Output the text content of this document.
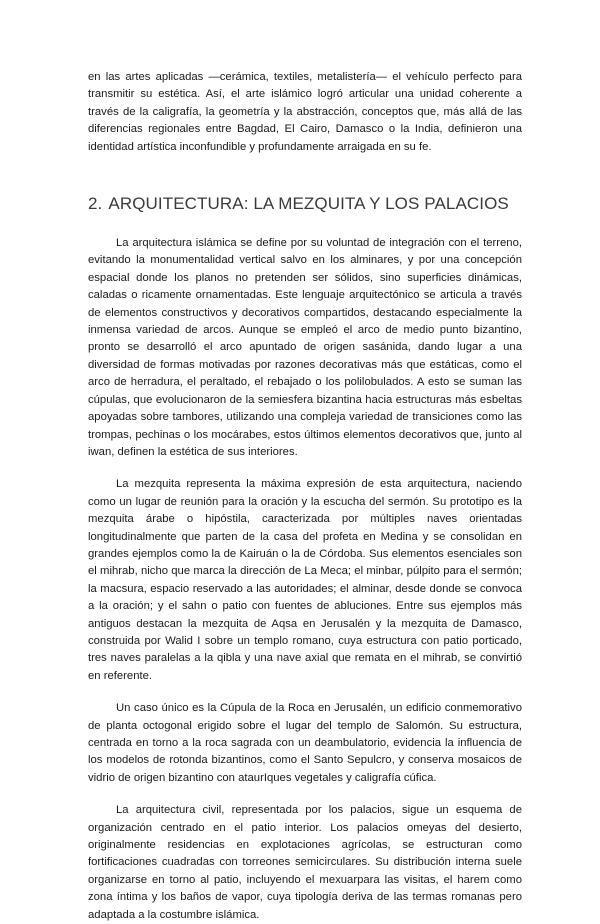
en las artes aplicadas —cerámica, textiles, metalistería— el vehículo perfecto para transmitir su estética. Así, el arte islámico logró articular una unidad coherente a través de la caligrafía, la geometría y la abstracción, conceptos que, más allá de las diferencias regionales entre Bagdad, El Cairo, Damasco o la India, definieron una identidad artística inconfundible y profundamente arraigada en su fe.

2. ARQUITECTURA: LA MEZQUITA Y LOS PALACIOS

La arquitectura islámica se define por su voluntad de integración con el terreno, evitando la monumentalidad vertical salvo en los alminares, y por una concepción espacial donde los planos no pretenden ser sólidos, sino superficies dinámicas, caladas o ricamente ornamentadas. Este lenguaje arquitectónico se articula a través de elementos constructivos y decorativos compartidos, destacando especialmente la inmensa variedad de arcos. Aunque se empleó el arco de medio punto bizantino, pronto se desarrolló el arco apuntado de origen sasánida, dando lugar a una diversidad de formas motivadas por razones decorativas más que estáticas, como el arco de herradura, el peraltado, el rebajado o los polilobulados. A esto se suman las cúpulas, que evolucionaron de la semiesfera bizantina hacia estructuras más esbeltas apoyadas sobre tambores, utilizando una compleja variedad de transiciones como las trompas, pechinas o los mocárabes, estos últimos elementos decorativos que, junto al iwan, definen la estética de sus interiores.

La mezquita representa la máxima expresión de esta arquitectura, naciendo como un lugar de reunión para la oración y la escucha del sermón. Su prototipo es la mezquita árabe o hipóstila, caracterizada por múltiples naves orientadas longitudinalmente que parten de la casa del profeta en Medina y se consolidan en grandes ejemplos como la de Kairuán o la de Córdoba. Sus elementos esenciales son el mihrab, nicho que marca la dirección de La Meca; el minbar, púlpito para el sermón; la macsura, espacio reservado a las autoridades; el alminar, desde donde se convoca a la oración; y el sahn o patio con fuentes de abluciones. Entre sus ejemplos más antiguos destacan la mezquita de Aqsa en Jerusalén y la mezquita de Damasco, construida por Walid I sobre un templo romano, cuya estructura con patio porticado, tres naves paralelas a la qibla y una nave axial que remata en el mihrab, se convirtió en referente.

Un caso único es la Cúpula de la Roca en Jerusalén, un edificio conmemorativo de planta octogonal erigido sobre el lugar del templo de Salomón. Su estructura, centrada en torno a la roca sagrada con un deambulatorio, evidencia la influencia de los modelos de rotonda bizantinos, como el Santo Sepulcro, y conserva mosaicos de vidrio de origen bizantino con ataurIques vegetales y caligrafía cúfica.

La arquitectura civil, representada por los palacios, sigue un esquema de organización centrado en el patio interior. Los palacios omeyas del desierto, originalmente residencias en explotaciones agrícolas, se estructuran como fortificaciones cuadradas con torreones semicirculares. Su distribución interna suele organizarse en torno al patio, incluyendo el mexuarpara las visitas, el harem como zona íntima y los baños de vapor, cuya tipología deriva de las termas romanas pero adaptada a la costumbre islámica.
